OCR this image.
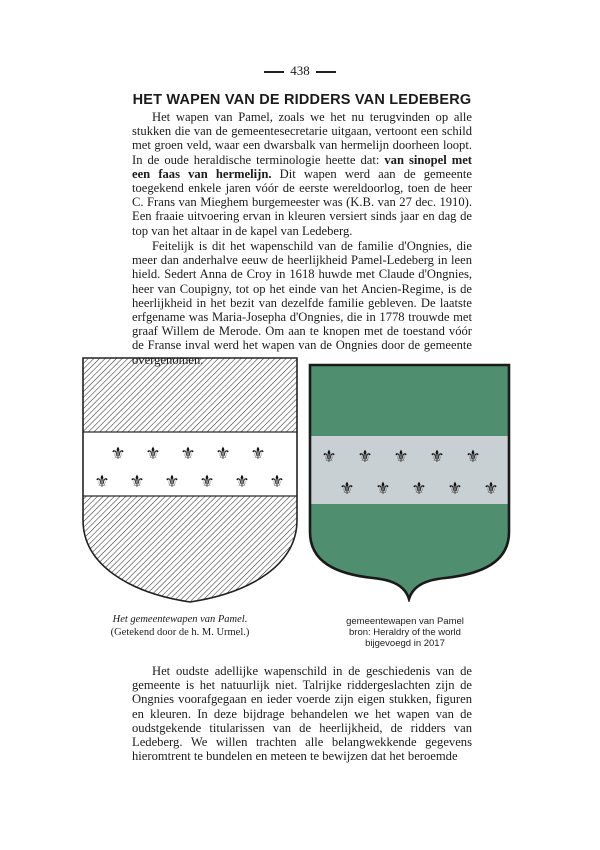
438
HET WAPEN VAN DE RIDDERS VAN LEDEBERG

Het wapen van Pamel, zoals we het nu terugvinden op alle stukken die van de gemeentesecretarie uitgaan, vertoont een schild met groen veld, waar een dwarsbalk van hermelijn doorheen loopt. In de oude heraldische terminologie heette dat: van sinopel met een faas van hermelijn. Dit wapen werd aan de gemeente toegekend enkele jaren vóór de eerste wereldoorlog, toen de heer C. Frans van Mieghem burgemeester was (K.B. van 27 dec. 1910). Een fraaie uitvoering ervan in kleuren versiert sinds jaar en dag de top van het altaar in de kapel van Ledeberg.

Feitelijk is dit het wapenschild van de familie d'Ongnies, die meer dan anderhalve eeuw de heerlijkheid Pamel-Ledeberg in leen hield. Sedert Anna de Croy in 1618 huwde met Claude d'Ongnies, heer van Coupigny, tot op het einde van het Ancien-Regime, is de heerlijkheid in het bezit van dezelfde familie gebleven. De laatste erfgename was Maria-Josepha d'Ongnies, die in 1778 trouwde met graaf Willem de Merode. Om aan te knopen met de toestand vóór de Franse inval werd het wapen van de Ongnies door de gemeente

⚜ ⚜ ⚜ ⚜ ⚜
⚜ ⚜ ⚜ ⚜ ⚜ ⚜
⚜ ⚜ ⚜ ⚜ ⚜
⚜ ⚜ ⚜ ⚜ ⚜
Het gemeentewapen van Pamel.
(Getekend door de h. M. Urmel.)
gemeentewapen van Pamel
bron: Heraldry of the world
bijgevoegd in 2017

Het oudste adellijke wapenschild in de geschiedenis van de gemeente is het natuurlijk niet. Talrijke riddergeslachten zijn de Ongnies voorafgegaan en ieder voerde zijn eigen stukken, figuren en kleuren. In deze bijdrage behandelen we het wapen van de oudstgekende titularissen van de heerlijkheid, de ridders van Ledeberg. We willen trachten alle belangwekkende gegevens hieromtrent te bundelen en meteen te bewijzen dat het beroemde
